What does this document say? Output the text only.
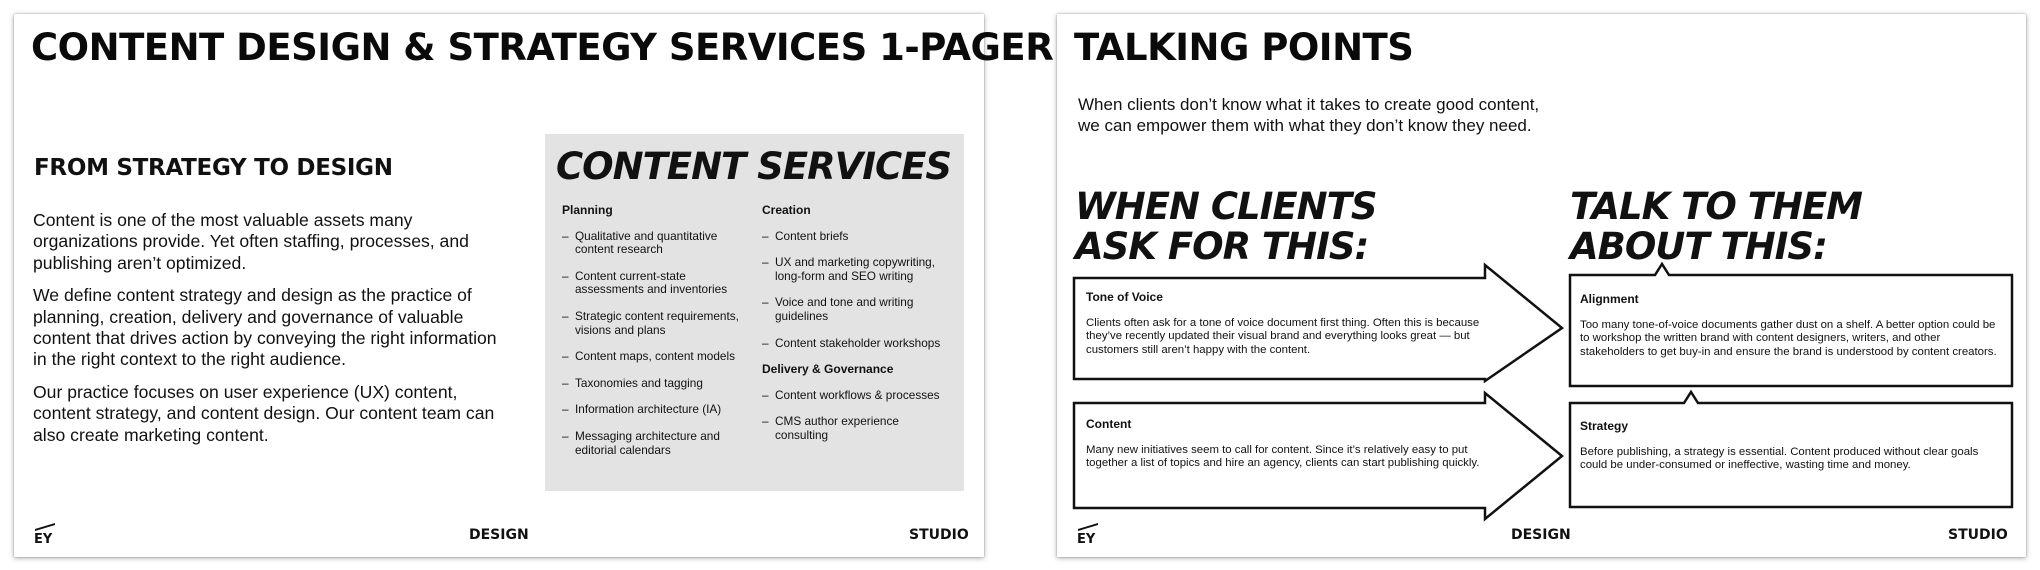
CONTENT DESIGN & STRATEGY SERVICES 1-PAGER
FROM STRATEGY TO DESIGN

Content is one of the most valuable assets many organizations provide. Yet often staffing, processes, and publishing aren’t optimized.

We define content strategy and design as the practice of planning, creation, delivery and governance of valuable content that drives action by conveying the right information in the right context to the right audience.

Our practice focuses on user experience (UX) content, content strategy, and content design. Our content team can also create marketing content.

CONTENT SERVICES
Planning
– Qualitative and quantitative content research
– Content current-state assessments and inventories
– Strategic content requirements, visions and plans
– Content maps, content models
– Taxonomies and tagging
– Information architecture (IA)
– Messaging architecture and editorial calendars
Creation
– Content briefs
– UX and marketing copywriting, long-form and SEO writing
– Voice and tone and writing guidelines
– Content stakeholder workshops
Delivery & Governance
– Content workflows & processes
– CMS author experience consulting
EY	DESIGN	STUDIO
TALKING POINTS
When clients don’t know what it takes to create good content,
we can empower them with what they don’t know they need.
WHEN CLIENTS
ASK FOR THIS:
TALK TO THEM
ABOUT THIS:
Tone of Voice

Clients often ask for a tone of voice document first thing. Often this is because they’ve recently updated their visual brand and everything looks great — but customers still aren’t happy with the content.

Content

Many new initiatives seem to call for content. Since it’s relatively easy to put together a list of topics and hire an agency, clients can start publishing quickly.

Alignment

Too many tone-of-voice documents gather dust on a shelf. A better option could be to workshop the written brand with content designers, writers, and other stakeholders to get buy-in and ensure the brand is understood by content creators.

Strategy

Before publishing, a strategy is essential. Content produced without clear goals could be under-consumed or ineffective, wasting time and money.

EY	DESIGN	STUDIO
